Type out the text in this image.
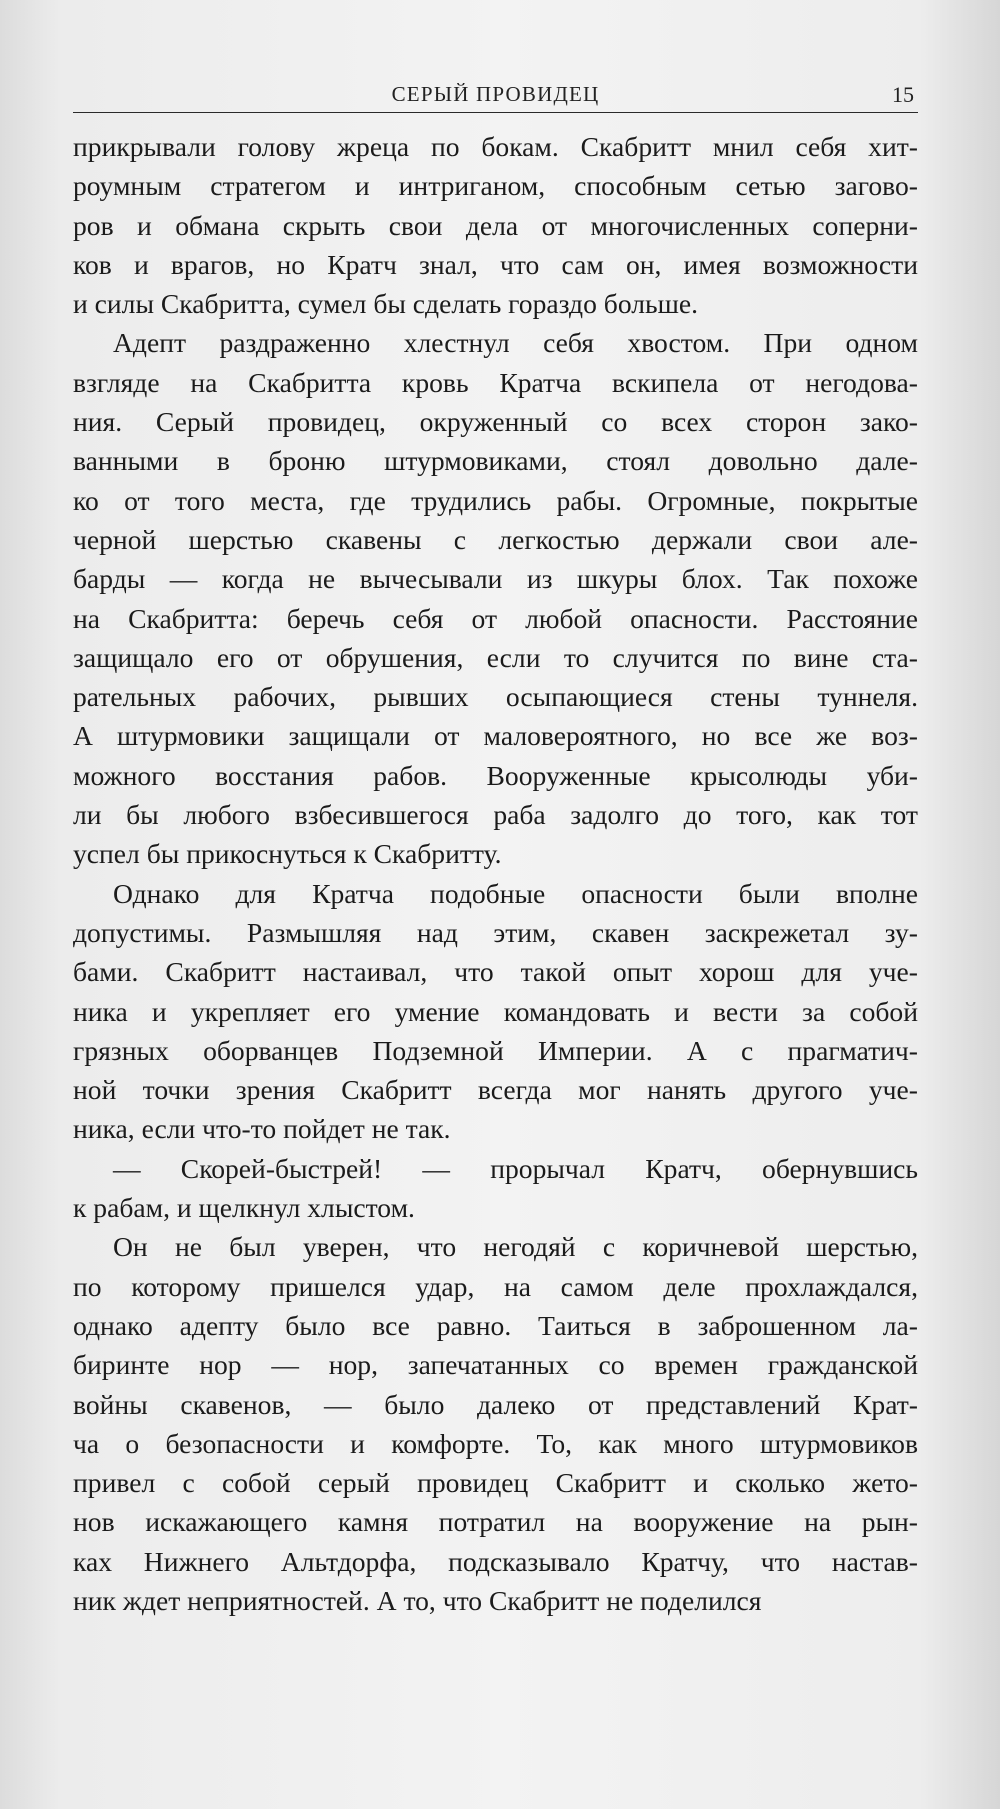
СЕРЫЙ ПРОВИДЕЦ	15
прикрывали голову жреца по бокам. Скабритт мнил себя хит-
роумным стратегом и интриганом, способным сетью загово-
ров и обмана скрыть свои дела от многочисленных соперни-
ков и врагов, но Кратч знал, что сам он, имея возможности
и силы Скабритта, сумел бы сделать гораздо больше.
Адепт раздраженно хлестнул себя хвостом. При одном
взгляде на Скабритта кровь Кратча вскипела от негодова-
ния. Серый провидец, окруженный со всех сторон зако-
ванными в броню штурмовиками, стоял довольно дале-
ко от того места, где трудились рабы. Огромные, покрытые
черной шерстью скавены с легкостью держали свои але-
барды — когда не вычесывали из шкуры блох. Так похоже
на Скабритта: беречь себя от любой опасности. Расстояние
защищало его от обрушения, если то случится по вине ста-
рательных рабочих, рывших осыпающиеся стены туннеля.
А штурмовики защищали от маловероятного, но все же воз-
можного восстания рабов. Вооруженные крысолюды уби-
ли бы любого взбесившегося раба задолго до того, как тот
успел бы прикоснуться к Скабритту.
Однако для Кратча подобные опасности были вполне
допустимы. Размышляя над этим, скавен заскрежетал зу-
бами. Скабритт настаивал, что такой опыт хорош для уче-
ника и укрепляет его умение командовать и вести за собой
грязных оборванцев Подземной Империи. А с прагматич-
ной точки зрения Скабритт всегда мог нанять другого уче-
ника, если что-то пойдет не так.
— Скорей-быстрей! — прорычал Кратч, обернувшись
к рабам, и щелкнул хлыстом.
Он не был уверен, что негодяй с коричневой шерстью,
по которому пришелся удар, на самом деле прохлаждался,
однако адепту было все равно. Таиться в заброшенном ла-
биринте нор — нор, запечатанных со времен гражданской
войны скавенов, — было далеко от представлений Крат-
ча о безопасности и комфорте. То, как много штурмовиков
привел с собой серый провидец Скабритт и сколько жето-
нов искажающего камня потратил на вооружение на рын-
ках Нижнего Альтдорфа, подсказывало Кратчу, что настав-
ник ждет неприятностей. А то, что Скабритт не поделился
